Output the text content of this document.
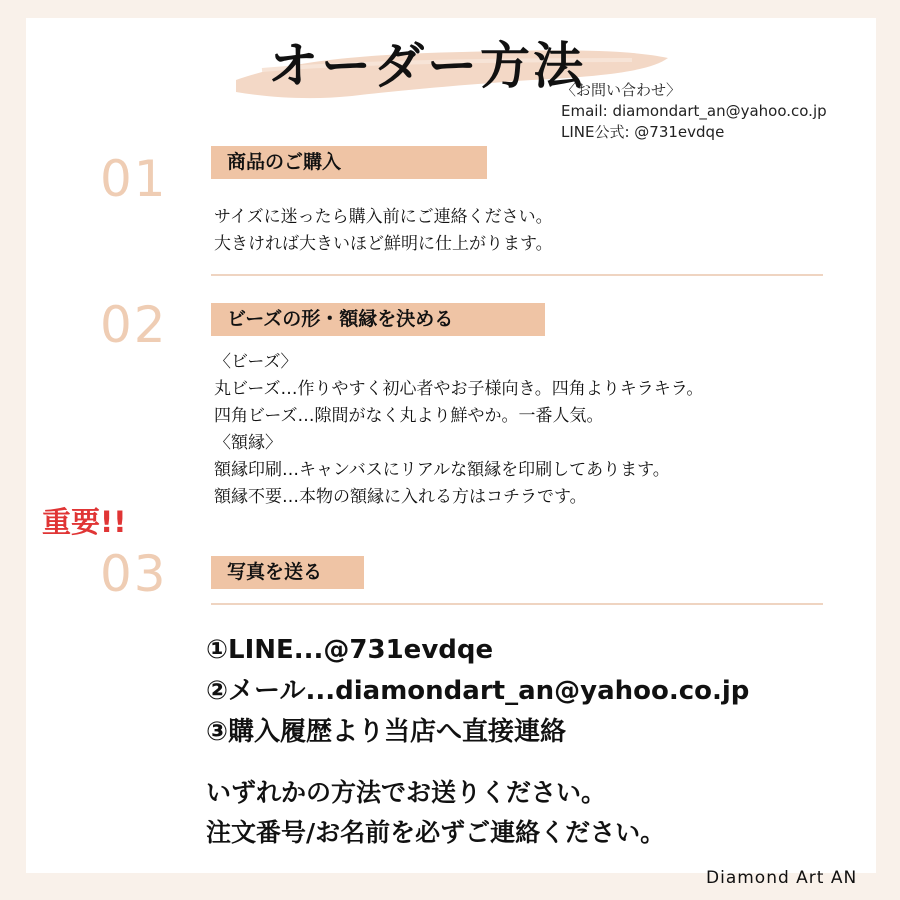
オーダー方法
〈お問い合わせ〉
Email: diamondart_an@yahoo.co.jp
LINE公式: @731evdqe
01	商品のご購入
サイズに迷ったら購入前にご連絡ください。
大きければ大きいほど鮮明に仕上がります。
02	ビーズの形・額縁を決める
〈ビーズ〉
丸ビーズ…作りやすく初心者やお子様向き。四角よりキラキラ。
四角ビーズ…隙間がなく丸より鮮やか。一番人気。
〈額縁〉
額縁印刷…キャンバスにリアルな額縁を印刷してあります。
額縁不要…本物の額縁に入れる方はコチラです。
重要!!
03	写真を送る
①LINE...@731evdqe
②メール...diamondart_an@yahoo.co.jp
③購入履歴より当店へ直接連絡
いずれかの方法でお送りください。
注文番号/お名前を必ずご連絡ください。
Diamond Art AN
